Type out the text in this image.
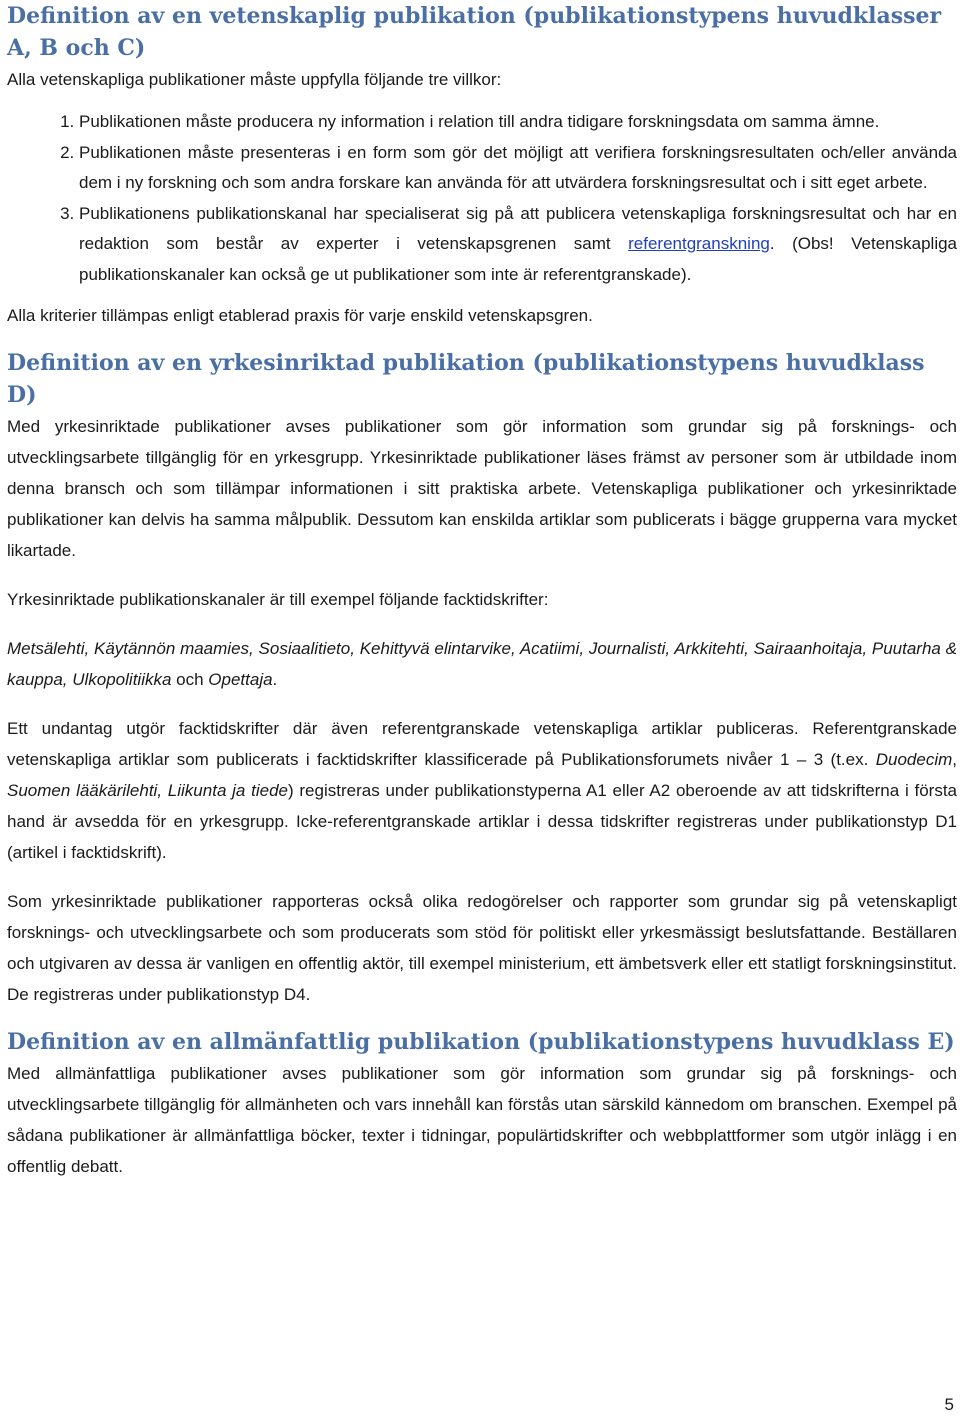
Definition av en vetenskaplig publikation (publikationstypens huvudklasser A, B och C)

Alla vetenskapliga publikationer måste uppfylla följande tre villkor:

1. Publikationen måste producera ny information i relation till andra tidigare forskningsdata om samma ämne.
2. Publikationen måste presenteras i en form som gör det möjligt att verifiera forskningsresultaten och/eller använda dem i ny forskning och som andra forskare kan använda för att utvärdera forskningsresultat och i sitt eget arbete.
3. Publikationens publikationskanal har specialiserat sig på att publicera vetenskapliga forskningsresultat och har en redaktion som består av experter i vetenskapsgrenen samt referentgranskning. (Obs! Vetenskapliga publikationskanaler kan också ge ut publikationer som inte är referentgranskade).

Alla kriterier tillämpas enligt etablerad praxis för varje enskild vetenskapsgren.

Definition av en yrkesinriktad publikation (publikationstypens huvudklass D)

Med yrkesinriktade publikationer avses publikationer som gör information som grundar sig på forsknings- och utvecklingsarbete tillgänglig för en yrkesgrupp. Yrkesinriktade publikationer läses främst av personer som är utbildade inom denna bransch och som tillämpar informationen i sitt praktiska arbete. Vetenskapliga publikationer och yrkesinriktade publikationer kan delvis ha samma målpublik. Dessutom kan enskilda artiklar som publicerats i bägge grupperna vara mycket likartade.

Yrkesinriktade publikationskanaler är till exempel följande facktidskrifter:

Metsälehti, Käytännön maamies, Sosiaalitieto, Kehittyvä elintarvike, Acatiimi, Journalisti, Arkkitehti, Sairaanhoitaja, Puutarha & kauppa, Ulkopolitiikka och Opettaja.

Ett undantag utgör facktidskrifter där även referentgranskade vetenskapliga artiklar publiceras. Referentgranskade vetenskapliga artiklar som publicerats i facktidskrifter klassificerade på Publikationsforumets nivåer 1 – 3 (t.ex. Duodecim, Suomen lääkärilehti, Liikunta ja tiede) registreras under publikationstyperna A1 eller A2 oberoende av att tidskrifterna i första hand är avsedda för en yrkesgrupp. Icke-referentgranskade artiklar i dessa tidskrifter registreras under publikationstyp D1 (artikel i facktidskrift).

Som yrkesinriktade publikationer rapporteras också olika redogörelser och rapporter som grundar sig på vetenskapligt forsknings- och utvecklingsarbete och som producerats som stöd för politiskt eller yrkesmässigt beslutsfattande. Beställaren och utgivaren av dessa är vanligen en offentlig aktör, till exempel ministerium, ett ämbetsverk eller ett statligt forskningsinstitut. De registreras under publikationstyp D4.

Definition av en allmänfattlig publikation (publikationstypens huvudklass E)

Med allmänfattliga publikationer avses publikationer som gör information som grundar sig på forsknings- och utvecklingsarbete tillgänglig för allmänheten och vars innehåll kan förstås utan särskild kännedom om branschen. Exempel på sådana publikationer är allmänfattliga böcker, texter i tidningar, populärtidskrifter och webbplattformer som utgör inlägg i en offentlig debatt.

5
